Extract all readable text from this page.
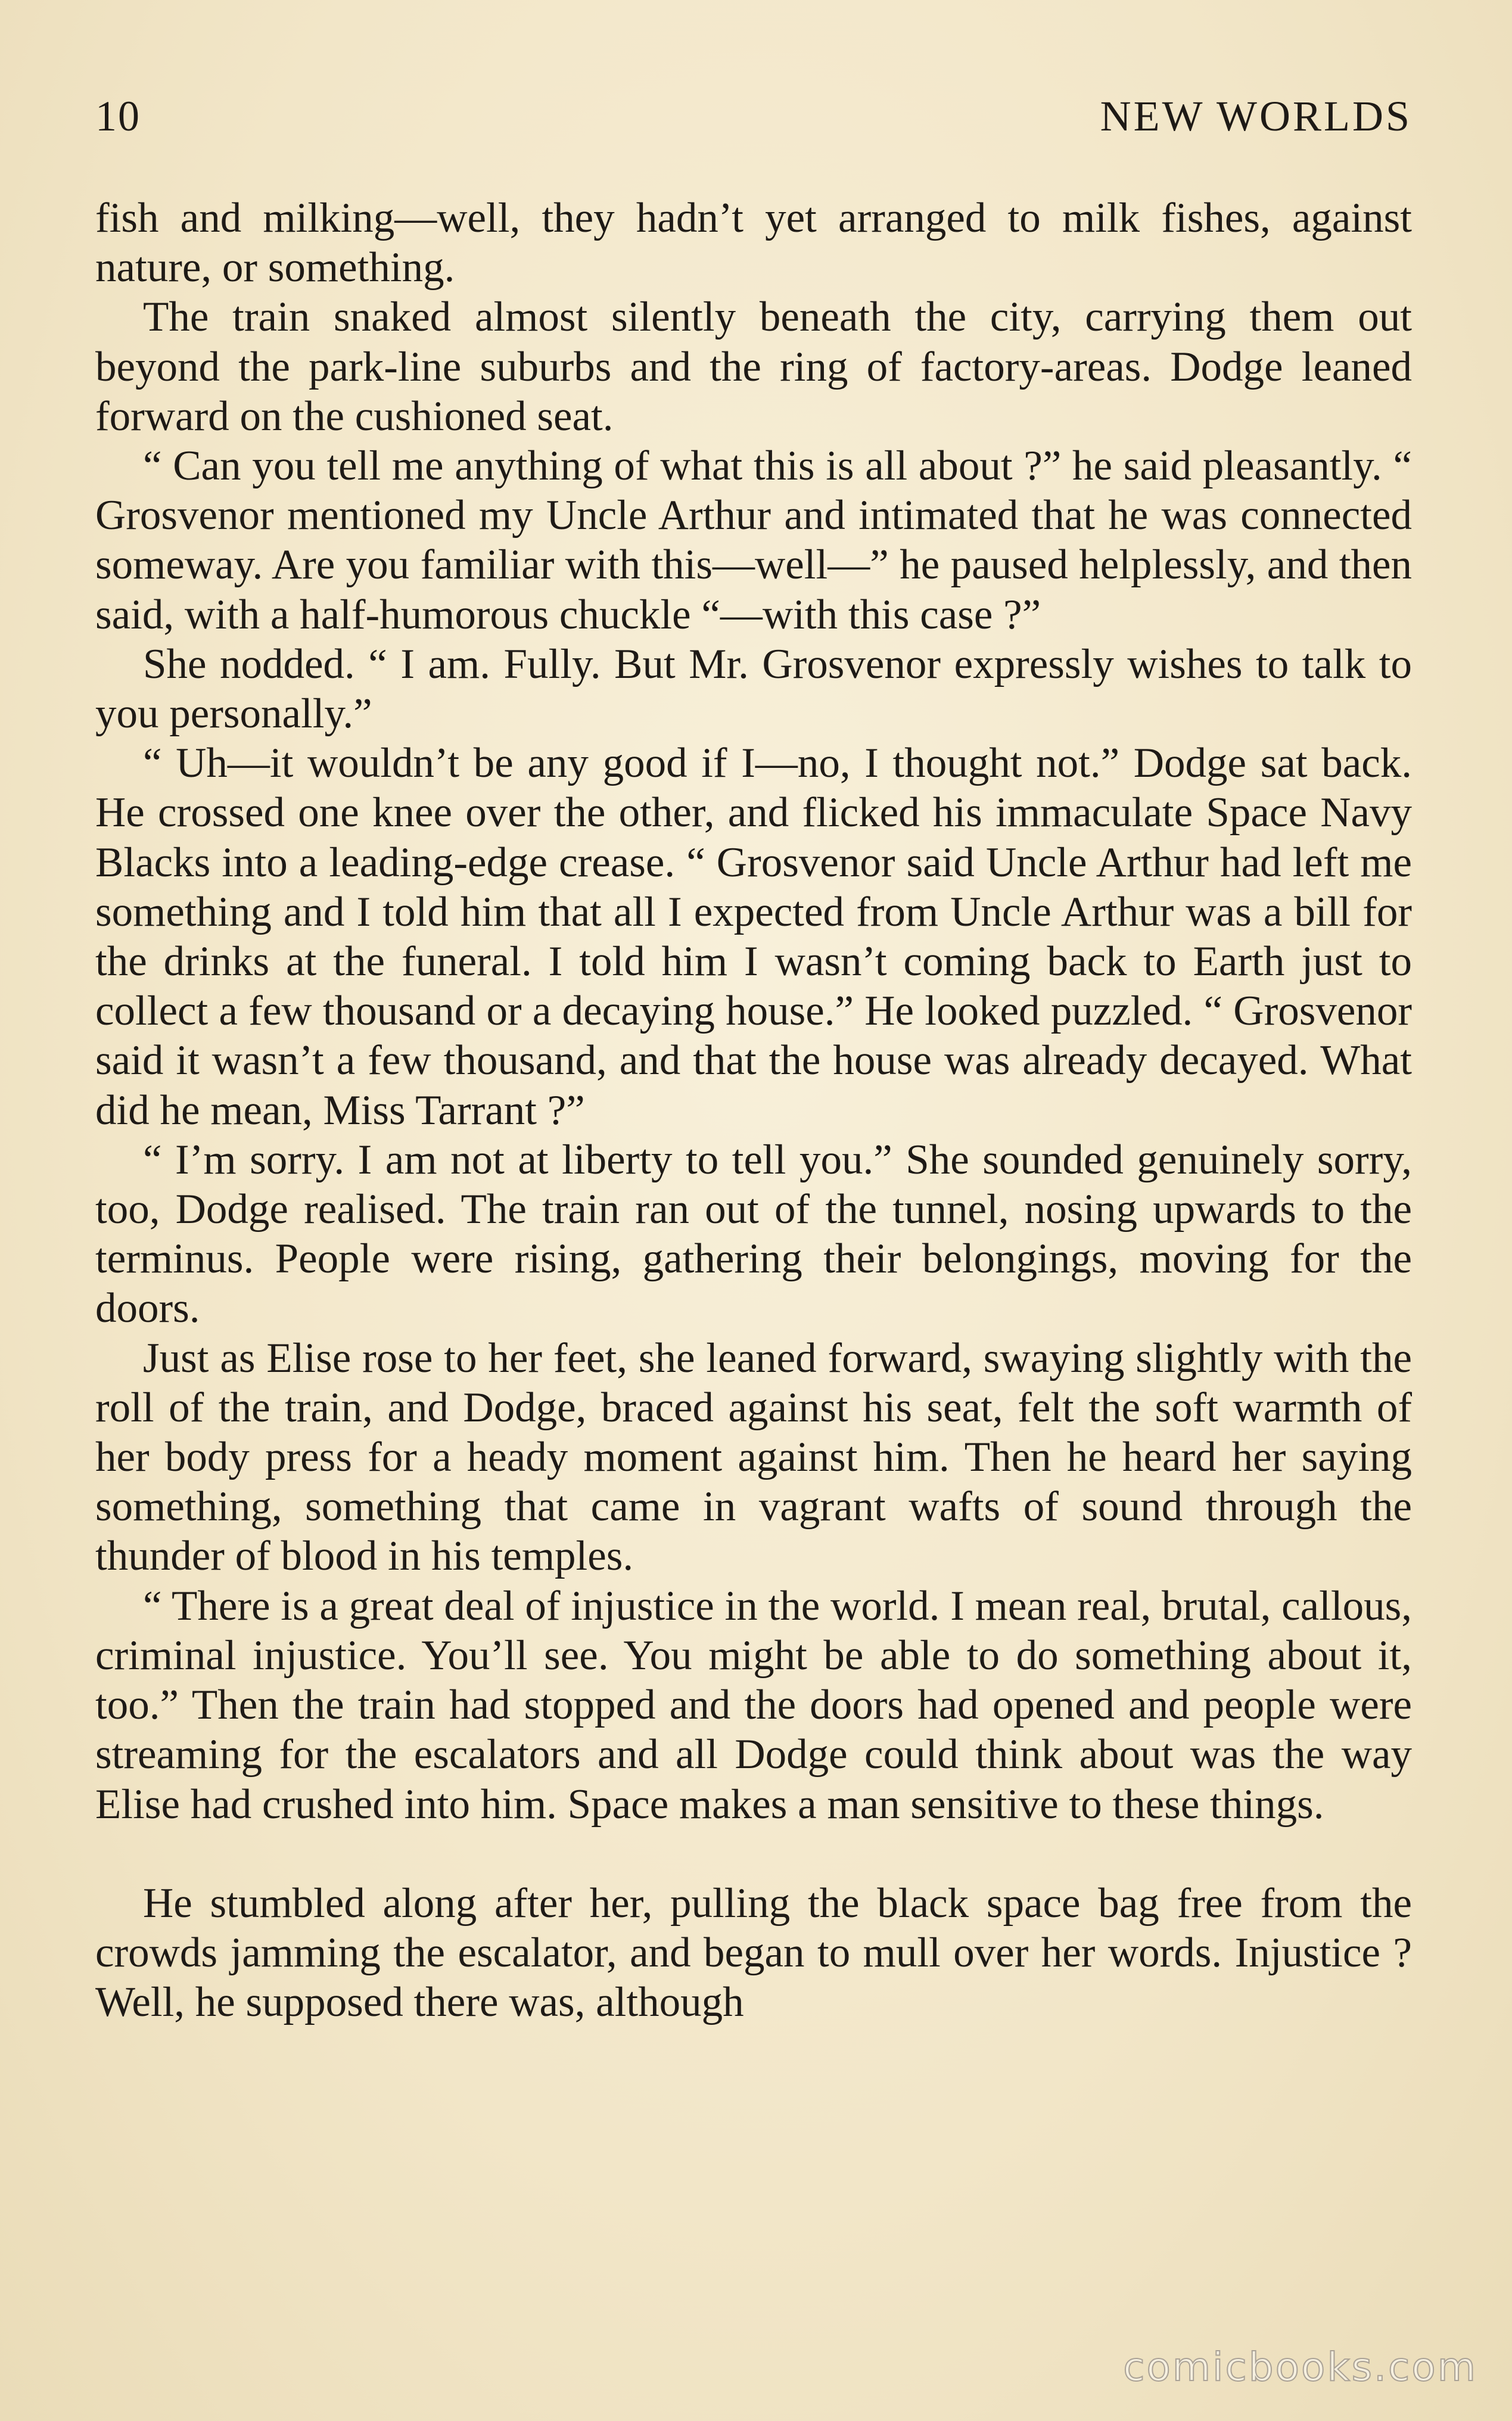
10	NEW WORLDS

fish and milking—well, they hadn’t yet arranged to milk fishes, against nature, or something.

The train snaked almost silently beneath the city, carrying them out beyond the park-line suburbs and the ring of factory-areas. Dodge leaned forward on the cushioned seat.

“ Can you tell me anything of what this is all about ?” he said pleasantly. “ Grosvenor mentioned my Uncle Arthur and intimated that he was connected someway. Are you familiar with this—well—” he paused helplessly, and then said, with a half-humorous chuckle “—with this case ?”

She nodded. “ I am. Fully. But Mr. Grosvenor expressly wishes to talk to you personally.”

“ Uh—it wouldn’t be any good if I—no, I thought not.” Dodge sat back. He crossed one knee over the other, and flicked his immaculate Space Navy Blacks into a leading-edge crease. “ Grosvenor said Uncle Arthur had left me something and I told him that all I expected from Uncle Arthur was a bill for the drinks at the funeral. I told him I wasn’t coming back to Earth just to collect a few thousand or a decaying house.” He looked puzzled. “ Grosvenor said it wasn’t a few thousand, and that the house was already decayed. What did he mean, Miss Tarrant ?”

“ I’m sorry. I am not at liberty to tell you.” She sounded genuinely sorry, too, Dodge realised. The train ran out of the tunnel, nosing upwards to the terminus. People were rising, gathering their belongings, moving for the doors.

Just as Elise rose to her feet, she leaned forward, swaying slightly with the roll of the train, and Dodge, braced against his seat, felt the soft warmth of her body press for a heady moment against him. Then he heard her saying something, something that came in vagrant wafts of sound through the thunder of blood in his temples.

“ There is a great deal of injustice in the world. I mean real, brutal, callous, criminal injustice. You’ll see. You might be able to do something about it, too.” Then the train had stopped and the doors had opened and people were streaming for the escalators and all Dodge could think about was the way Elise had crushed into him. Space makes a man sensitive to these things.

He stumbled along after her, pulling the black space bag free from the crowds jamming the escalator, and began to mull over her words. Injustice ? Well, he supposed there was, although

comicbooks.com
